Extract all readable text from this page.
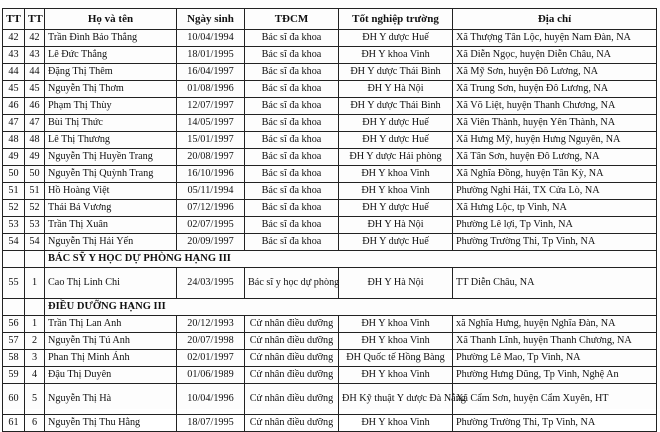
TT	TT	Họ và tên	Ngày sinh	TĐCM	Tốt nghiệp trường	Địa chỉ
42	42	Trần Đình Bảo Thắng	10/04/1994	Bác sĩ đa khoa	ĐH Y dược Huế	Xã Thượng Tân Lộc, huyện Nam Đàn, NA
43	43	Lê Đức Thắng	18/01/1995	Bác sĩ đa khoa	ĐH Y khoa Vinh	Xã Diễn Ngọc, huyện Diễn Châu, NA
44	44	Đặng Thị Thêm	16/04/1997	Bác sĩ đa khoa	ĐH Y dược Thái Bình	Xã Mỹ Sơn, huyện Đô Lương, NA
45	45	Nguyễn Thị Thơm	01/08/1996	Bác sĩ đa khoa	ĐH Y Hà Nội	Xã Trung Sơn, huyện Đô Lương, NA
46	46	Phạm Thị Thùy	12/07/1997	Bác sĩ đa khoa	ĐH Y dược Thái Bình	Xã Võ Liệt, huyện Thanh Chương, NA
47	47	Bùi Thị Thức	14/05/1997	Bác sĩ đa khoa	ĐH Y dược Huế	Xã Viên Thành, huyện Yên Thành, NA
48	48	Lê Thị Thương	15/01/1997	Bác sĩ đa khoa	ĐH Y dược Huế	Xã Hưng Mỹ, huyện Hưng Nguyên, NA
49	49	Nguyễn Thị Huyền Trang	20/08/1997	Bác sĩ đa khoa	ĐH Y dược Hải phòng	Xã Tân Sơn, huyện Đô Lương, NA
50	50	Nguyễn Thị Quỳnh Trang	16/10/1996	Bác sĩ đa khoa	ĐH Y khoa Vinh	Xã Nghĩa Đồng, huyện Tân Kỳ, NA
51	51	Hồ Hoàng Việt	05/11/1994	Bác sĩ đa khoa	ĐH Y khoa Vinh	Phường Nghi Hải, TX Cửa Lò, NA
52	52	Thái Bá Vương	07/12/1996	Bác sĩ đa khoa	ĐH Y dược Huế	Xã Hưng Lộc, tp Vinh, NA
53	53	Trần Thị Xuân	02/07/1995	Bác sĩ đa khoa	ĐH Y Hà Nội	Phường Lê lợi, Tp Vinh, NA
54	54	Nguyễn Thị Hải Yến	20/09/1997	Bác sĩ đa khoa	ĐH Y dược Huế	Phường Trường Thi, Tp Vinh, NA
		BÁC SỸ Y HỌC DỰ PHÒNG HẠNG III				
55	1	Cao Thị Linh Chi	24/03/1995	Bác sĩ y học dự phòng	ĐH Y Hà Nội	TT Diễn Châu, NA
		ĐIỀU DƯỠNG HẠNG III				
56	1	Trần Thị Lan Anh	20/12/1993	Cử nhân điều dưỡng	ĐH Y khoa Vinh	xã Nghĩa Hưng, huyện Nghĩa Đàn, NA
57	2	Nguyễn Thị Tú Anh	20/07/1998	Cử nhân điều dưỡng	ĐH Y khoa Vinh	Xã Thanh Lĩnh, huyện Thanh Chương, NA
58	3	Phan Thị Minh Ánh	02/01/1997	Cử nhân điều dưỡng	ĐH Quốc tế Hồng Bàng	Phường Lê Mao, Tp Vinh, NA
59	4	Đậu Thị Duyên	01/06/1989	Cử nhân điều dưỡng	ĐH Y khoa Vinh	Phường Hưng Dũng, Tp Vinh, Nghệ An
60	5	Nguyễn Thị Hà	10/04/1996	Cử nhân điều dưỡng	ĐH Kỹ thuật Y dược Đà Nẵng	Xã Cẩm Sơn, huyện Cẩm Xuyên, HT
61	6	Nguyễn Thị Thu Hằng	18/07/1995	Cử nhân điều dưỡng	ĐH Y khoa Vinh	Phường Trường Thi, Tp Vinh, NA
